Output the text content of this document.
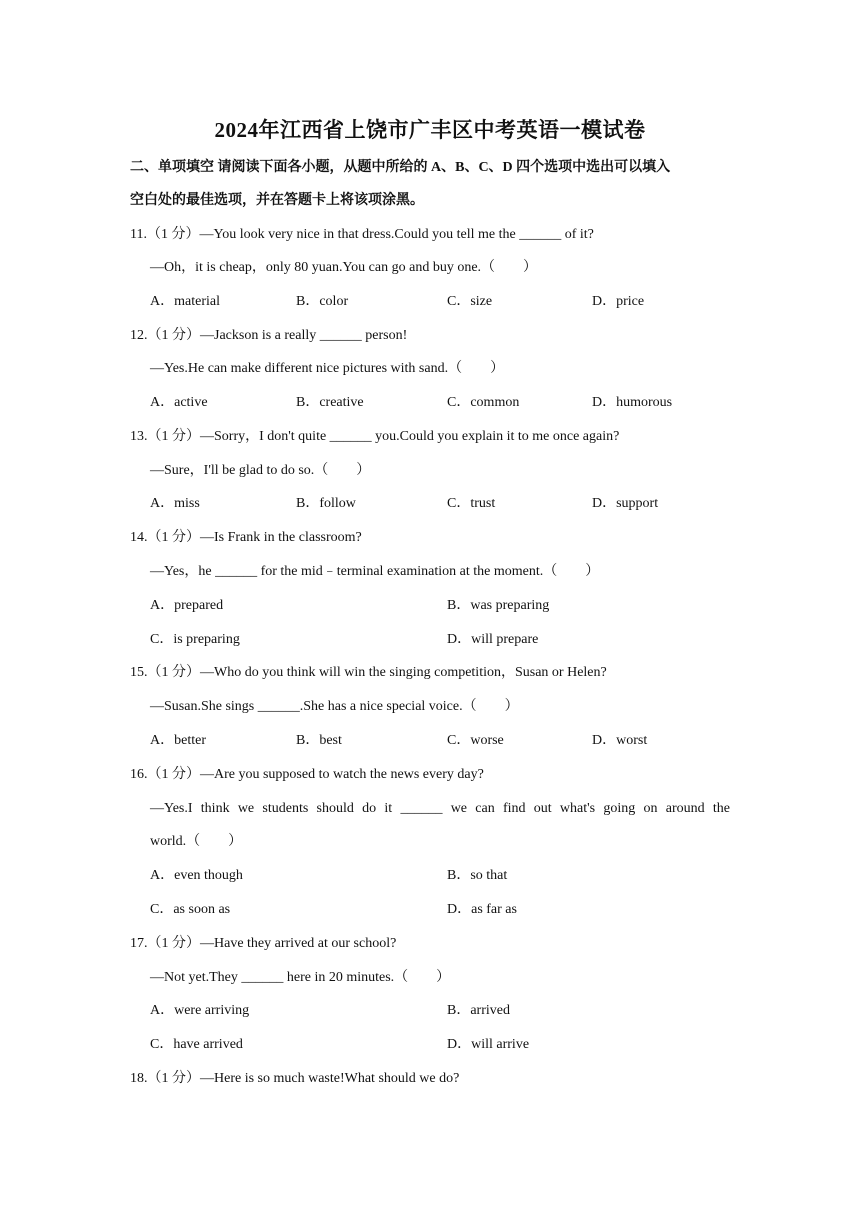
2024年江西省上饶市广丰区中考英语一模试卷
二、单项填空 请阅读下面各小题，从题中所给的 A、B、C、D 四个选项中选出可以填入
空白处的最佳选项，并在答题卡上将该项涂黑。
11.（1 分）—You look very nice in that dress.Could you tell me the ______ of it?
—Oh，it is cheap，only 80 yuan.You can go and buy one.（　　）
A．material	B．color	C．size	D．price
12.（1 分）—Jackson is a really ______ person!
—Yes.He can make different nice pictures with sand.（　　）
A．active	B．creative	C．common	D．humorous
13.（1 分）—Sorry，I don't quite ______ you.Could you explain it to me once again?
—Sure，I'll be glad to do so.（　　）
A．miss	B．follow	C．trust	D．support
14.（1 分）—Is Frank in the classroom?
—Yes，he ______ for the mid﹣terminal examination at the moment.（　　）
A．prepared	B．was preparing
C．is preparing	D．will prepare
15.（1 分）—Who do you think will win the singing competition，Susan or Helen?
—Susan.She sings ______.She has a nice special voice.（　　）
A．better	B．best	C．worse	D．worst
16.（1 分）—Are you supposed to watch the news every day?
—Yes.I think we students should do it ______ we can find out what's going on around the
world.（　　）
A．even though	B．so that
C．as soon as	D．as far as
17.（1 分）—Have they arrived at our school?
—Not yet.They ______ here in 20 minutes.（　　）
A．were arriving	B．arrived
C．have arrived	D．will arrive
18.（1 分）—Here is so much waste!What should we do?
